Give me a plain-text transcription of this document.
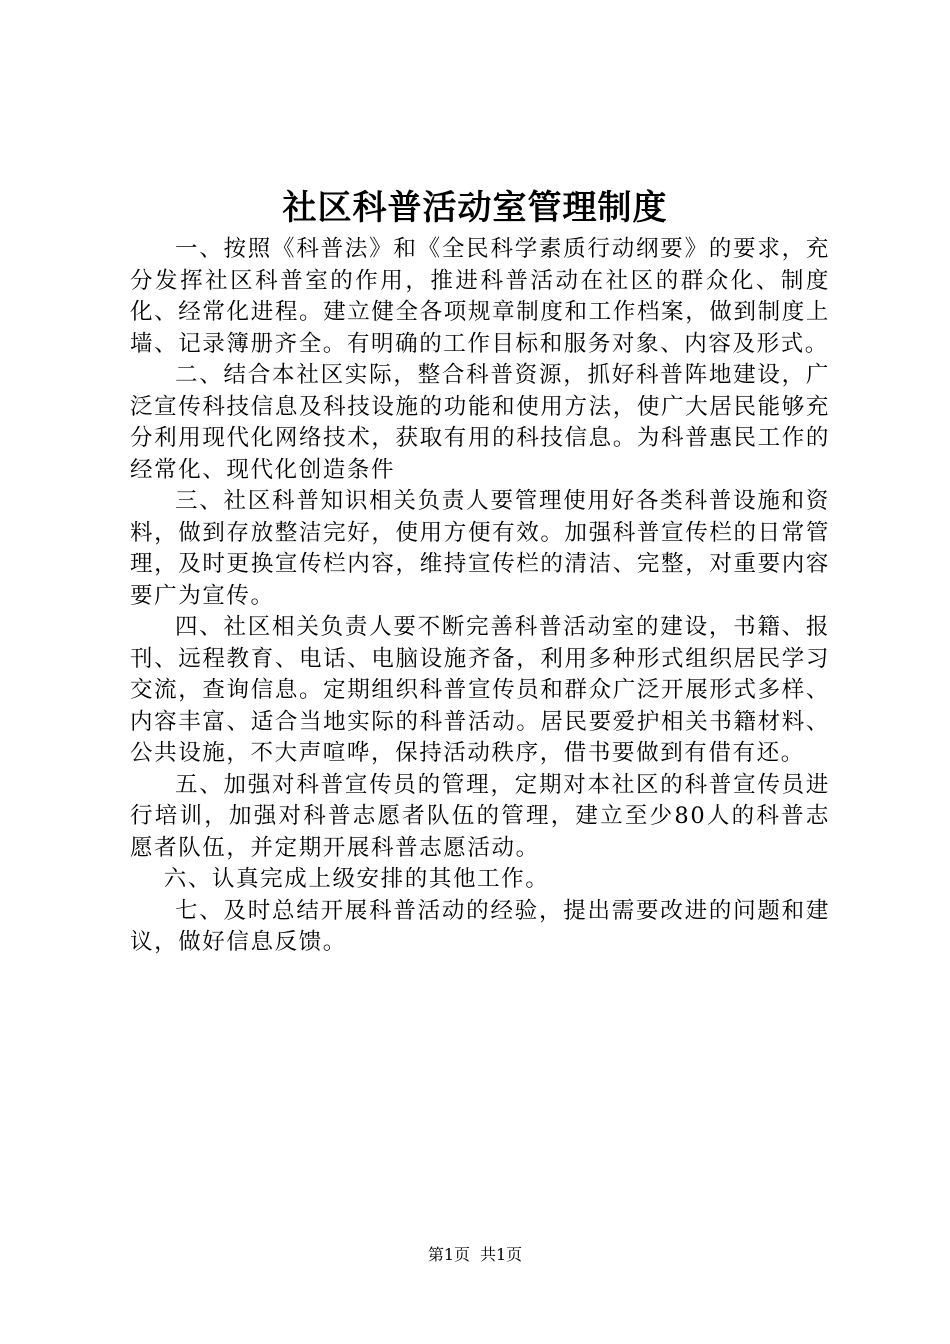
社区科普活动室管理制度

一、按照《科普法》和《全民科学素质行动纲要》的要求，充分发挥社区科普室的作用，推进科普活动在社区的群众化、制度化、经常化进程。建立健全各项规章制度和工作档案，做到制度上墙、记录簿册齐全。有明确的工作目标和服务对象、内容及形式。

二、结合本社区实际，整合科普资源，抓好科普阵地建设，广泛宣传科技信息及科技设施的功能和使用方法，使广大居民能够充分利用现代化网络技术，获取有用的科技信息。为科普惠民工作的经常化、现代化创造条件

三、社区科普知识相关负责人要管理使用好各类科普设施和资料，做到存放整洁完好，使用方便有效。加强科普宣传栏的日常管理，及时更换宣传栏内容，维持宣传栏的清洁、完整，对重要内容要广为宣传。

四、社区相关负责人要不断完善科普活动室的建设，书籍、报刊、远程教育、电话、电脑设施齐备，利用多种形式组织居民学习交流，查询信息。定期组织科普宣传员和群众广泛开展形式多样、内容丰富、适合当地实际的科普活动。居民要爱护相关书籍材料、公共设施，不大声喧哗，保持活动秩序，借书要做到有借有还。

五、加强对科普宣传员的管理，定期对本社区的科普宣传员进行培训，加强对科普志愿者队伍的管理，建立至少80人的科普志愿者队伍，并定期开展科普志愿活动。

六、认真完成上级安排的其他工作。

七、及时总结开展科普活动的经验，提出需要改进的问题和建议，做好信息反馈。

第1页 共1页
